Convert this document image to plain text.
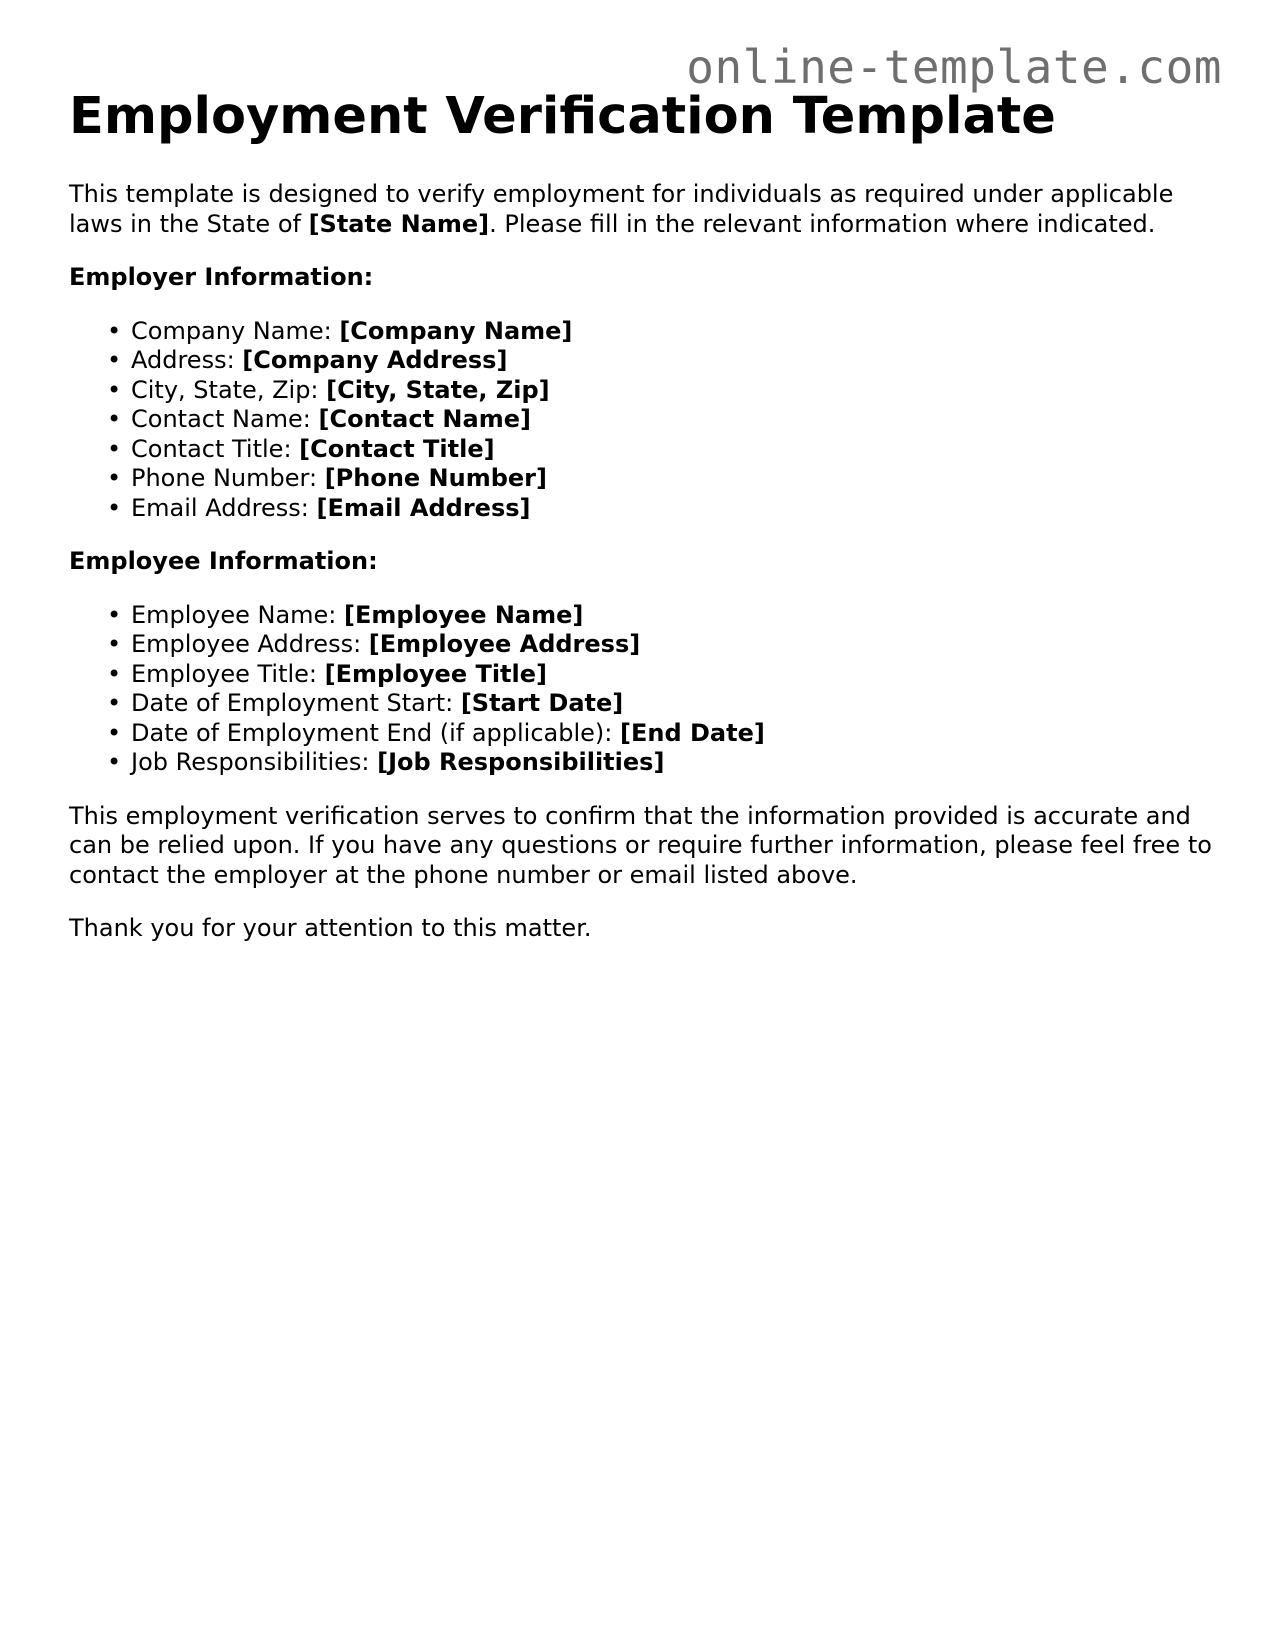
online-template.com
Employment Verification Template

This template is designed to verify employment for individuals as required under applicable laws in the State of [State Name]. Please fill in the relevant information where indicated.

Employer Information:
• Company Name: [Company Name]
• Address: [Company Address]
• City, State, Zip: [City, State, Zip]
• Contact Name: [Contact Name]
• Contact Title: [Contact Title]
• Phone Number: [Phone Number]
• Email Address: [Email Address]
Employee Information:
• Employee Name: [Employee Name]
• Employee Address: [Employee Address]
• Employee Title: [Employee Title]
• Date of Employment Start: [Start Date]
• Date of Employment End (if applicable): [End Date]
• Job Responsibilities: [Job Responsibilities]

This employment verification serves to confirm that the information provided is accurate and can be relied upon. If you have any questions or require further information, please feel free to contact the employer at the phone number or email listed above.

Thank you for your attention to this matter.
